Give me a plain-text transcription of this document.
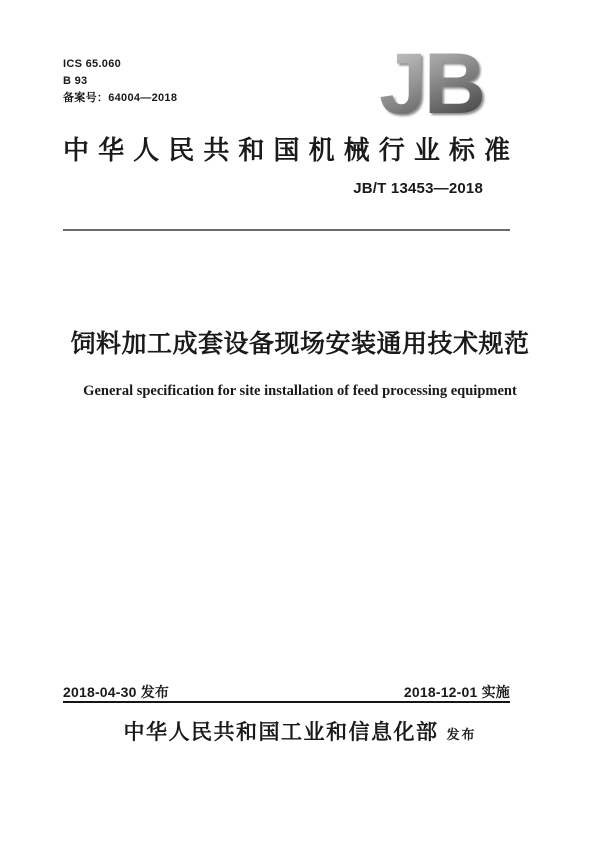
ICS 65.060
B 93
备案号：64004—2018 JB
中华人民共和国机械行业标准
JB/T 13453—2018
饲料加工成套设备现场安装通用技术规范
General specification for site installation of feed processing equipment
2018-04-30 发布	2018-12-01 实施
中华人民共和国工业和信息化部 发布
